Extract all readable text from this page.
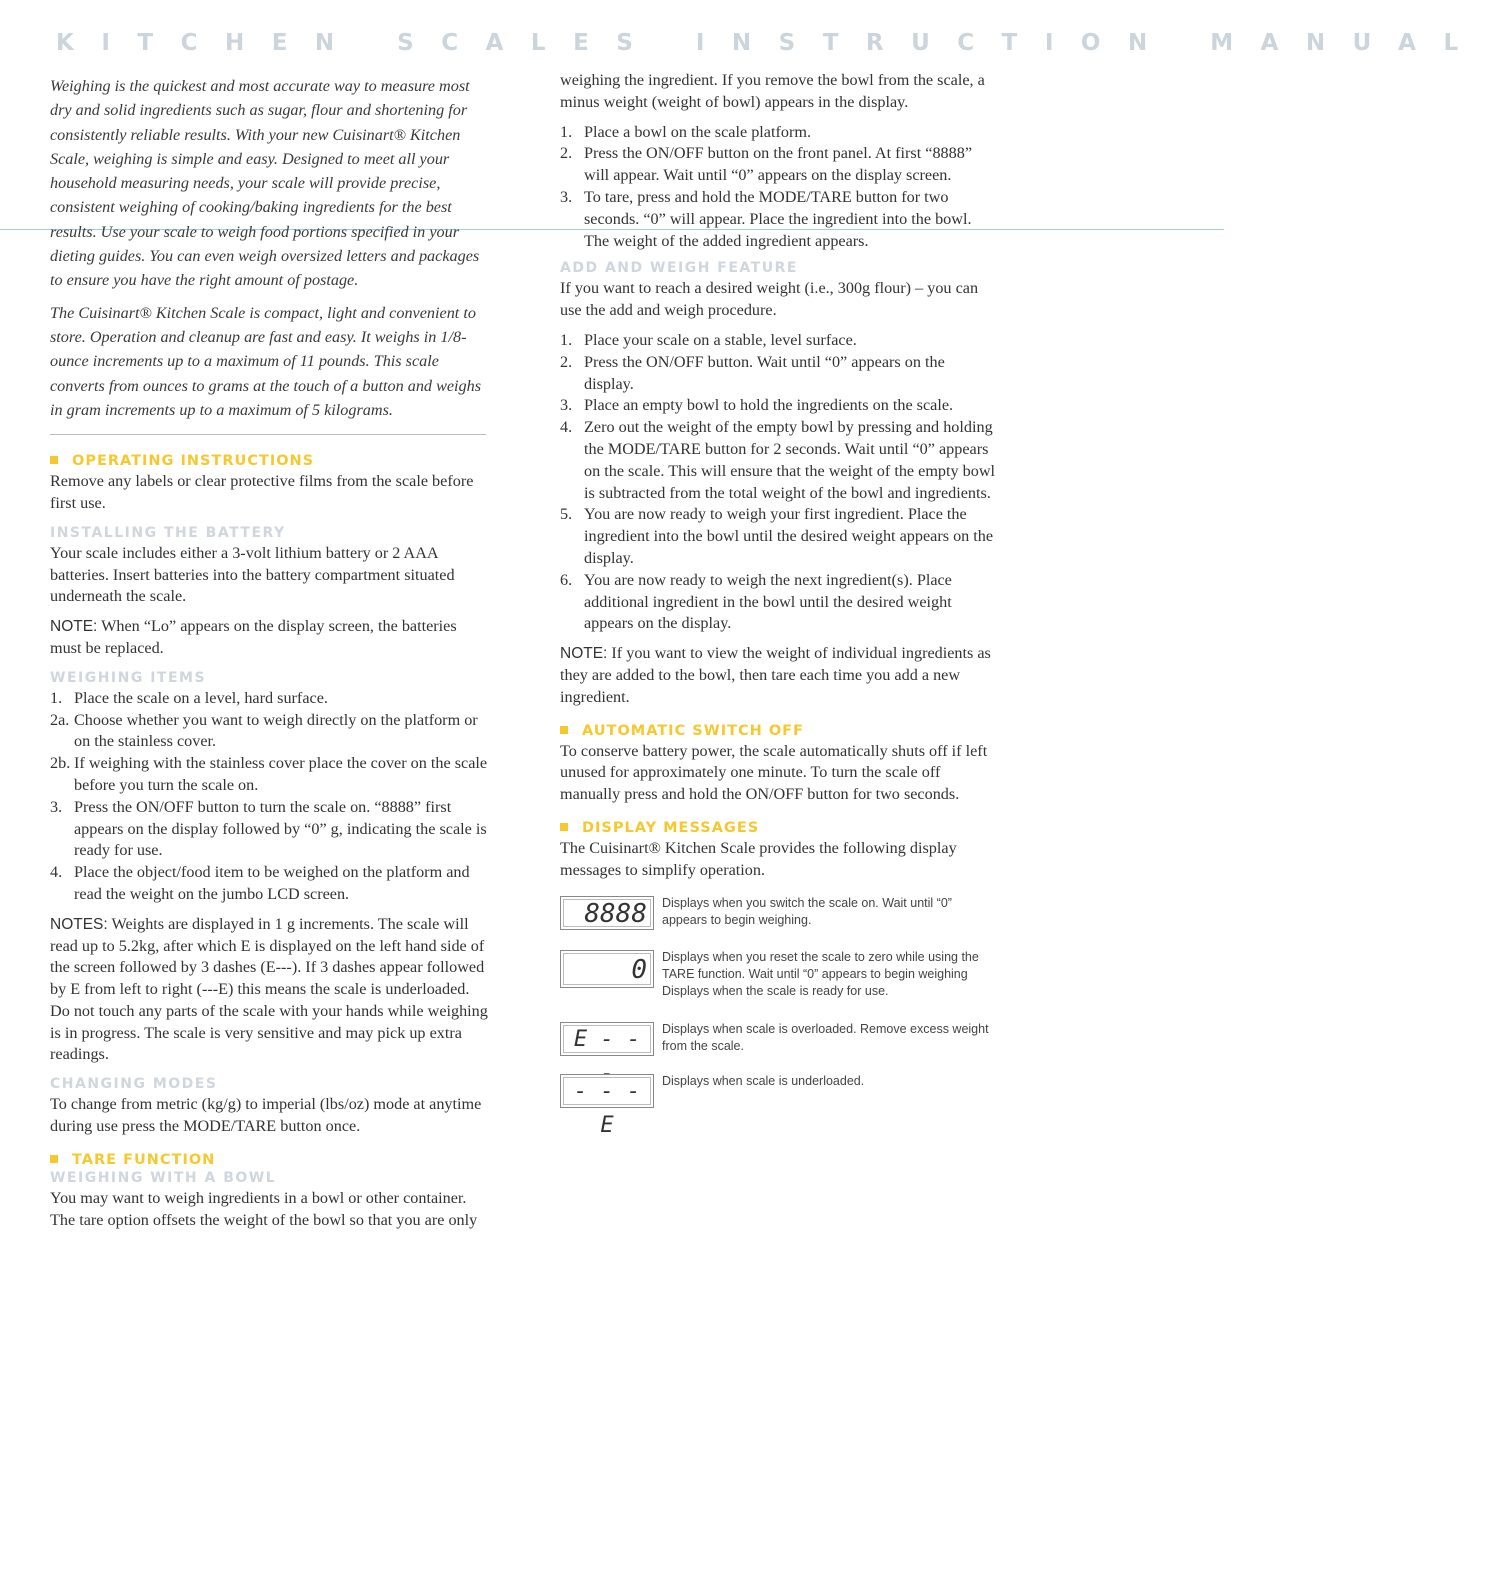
KITCHEN SCALES INSTRUCTION MANUAL

Weighing is the quickest and most accurate way to measure most dry and solid ingredients such as sugar, flour and shortening for consistently reliable results. With your new Cuisinart® Kitchen Scale, weighing is simple and easy. Designed to meet all your household measuring needs, your scale will provide precise, consistent weighing of cooking/baking ingredients for the best results. Use your scale to weigh food portions specified in your dieting guides. You can even weigh oversized letters and packages to ensure you have the right amount of postage.

The Cuisinart® Kitchen Scale is compact, light and convenient to store. Operation and cleanup are fast and easy. It weighs in 1/8-ounce increments up to a maximum of 11 pounds. This scale converts from ounces to grams at the touch of a button and weighs in gram increments up to a maximum of 5 kilograms.

OPERATING INSTRUCTIONS

Remove any labels or clear protective films from the scale before first use.

INSTALLING THE BATTERY

Your scale includes either a 3-volt lithium battery or 2 AAA batteries. Insert batteries into the battery compartment situated underneath the scale.

NOTE: When “Lo” appears on the display screen, the batteries must be replaced.

WEIGHING ITEMS
1. Place the scale on a level, hard surface.
2a. Choose whether you want to weigh directly on the platform or on the stainless cover.
2b. If weighing with the stainless cover place the cover on the scale before you turn the scale on.
3. Press the ON/OFF button to turn the scale on. “8888” first appears on the display followed by “0” g, indicating the scale is ready for use.
4. Place the object/food item to be weighed on the platform and read the weight on the jumbo LCD screen.

NOTES: Weights are displayed in 1 g increments. The scale will read up to 5.2kg, after which E is displayed on the left hand side of the screen followed by 3 dashes (E---). If 3 dashes appear followed by E from left to right (---E) this means the scale is underloaded. Do not touch any parts of the scale with your hands while weighing is in progress. The scale is very sensitive and may pick up extra readings.

CHANGING MODES

To change from metric (kg/g) to imperial (lbs/oz) mode at anytime during use press the MODE/TARE button once.

TARE FUNCTION
WEIGHING WITH A BOWL

You may want to weigh ingredients in a bowl or other container. The tare option offsets the weight of the bowl so that you are only

weighing the ingredient. If you remove the bowl from the scale, a minus weight (weight of bowl) appears in the display.

1. Place a bowl on the scale platform.
2. Press the ON/OFF button on the front panel. At first “8888” will appear. Wait until “0” appears on the display screen.
3. To tare, press and hold the MODE/TARE button for two seconds. “0” will appear. Place the ingredient into the bowl. The weight of the added ingredient appears.
ADD AND WEIGH FEATURE

If you want to reach a desired weight (i.e., 300g flour) – you can use the add and weigh procedure.

1. Place your scale on a stable, level surface.
2. Press the ON/OFF button. Wait until “0” appears on the display.
3. Place an empty bowl to hold the ingredients on the scale.
4. Zero out the weight of the empty bowl by pressing and holding the MODE/TARE button for 2 seconds. Wait until “0” appears on the scale. This will ensure that the weight of the empty bowl is subtracted from the total weight of the bowl and ingredients.
5. You are now ready to weigh your first ingredient. Place the ingredient into the bowl until the desired weight appears on the display.
6. You are now ready to weigh the next ingredient(s). Place additional ingredient in the bowl until the desired weight appears on the display.

NOTE: If you want to view the weight of individual ingredients as they are added to the bowl, then tare each time you add a new ingredient.

AUTOMATIC SWITCH OFF

To conserve battery power, the scale automatically shuts off if left unused for approximately one minute. To turn the scale off manually press and hold the ON/OFF button for two seconds.

DISPLAY MESSAGES

The Cuisinart® Kitchen Scale provides the following display messages to simplify operation.

8888	Displays when you switch the scale on. Wait until “0” appears to begin weighing.
0	Displays when you reset the scale to zero while using the TARE function. Wait until “0” appears to begin weighing
Displays when the scale is ready for use.
E - - -
Displays when scale is overloaded. Remove excess weight from the scale.
- - - E
Displays when scale is underloaded.
